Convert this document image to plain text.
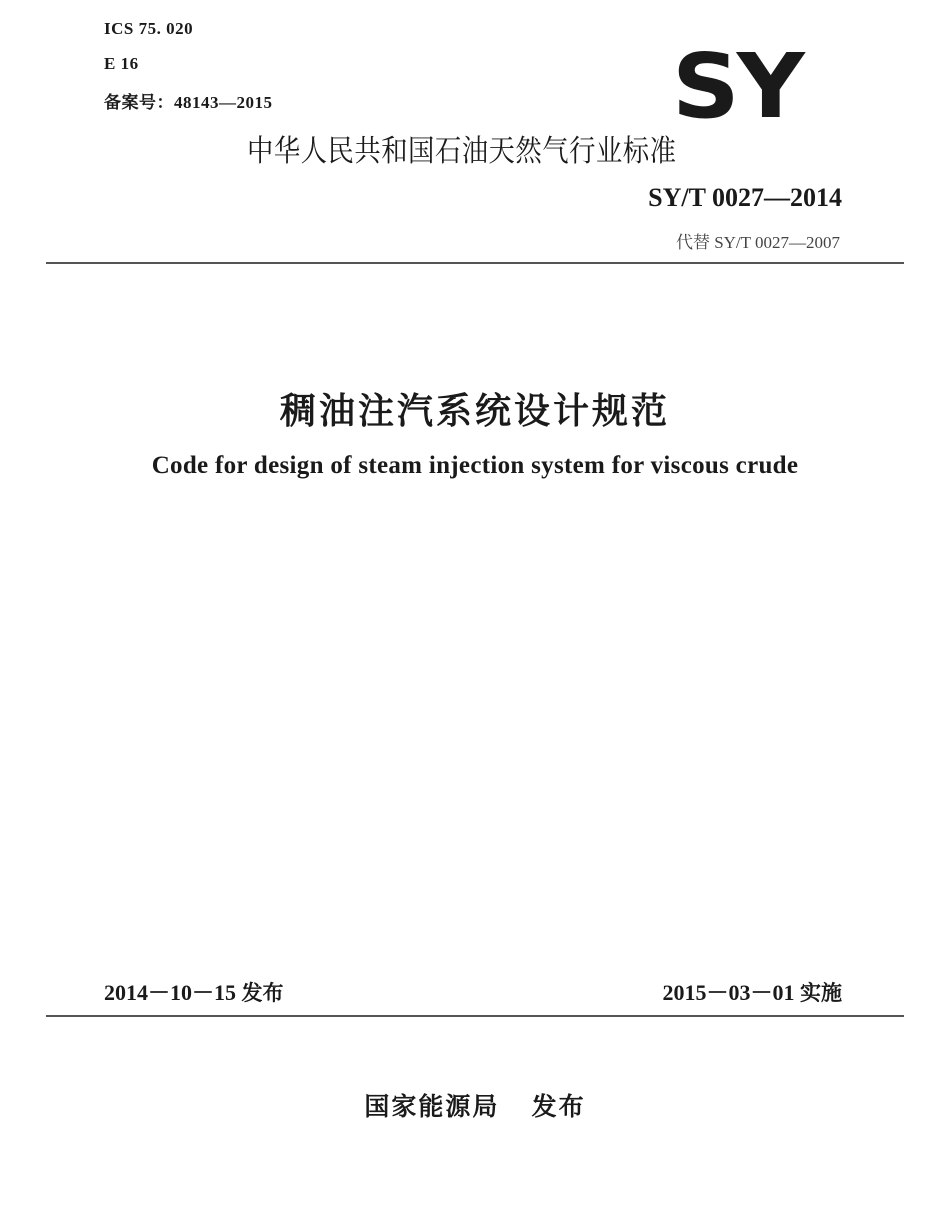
ICS 75. 020
E 16
备案号：48143—2015	SY
中华人民共和国石油天然气行业标准
SY/T 0027—2014
代替 SY/T 0027—2007
稠油注汽系统设计规范
Code for design of steam injection system for viscous crude
2014－10－15 发布	2015－03－01 实施
国家能源局 发布
